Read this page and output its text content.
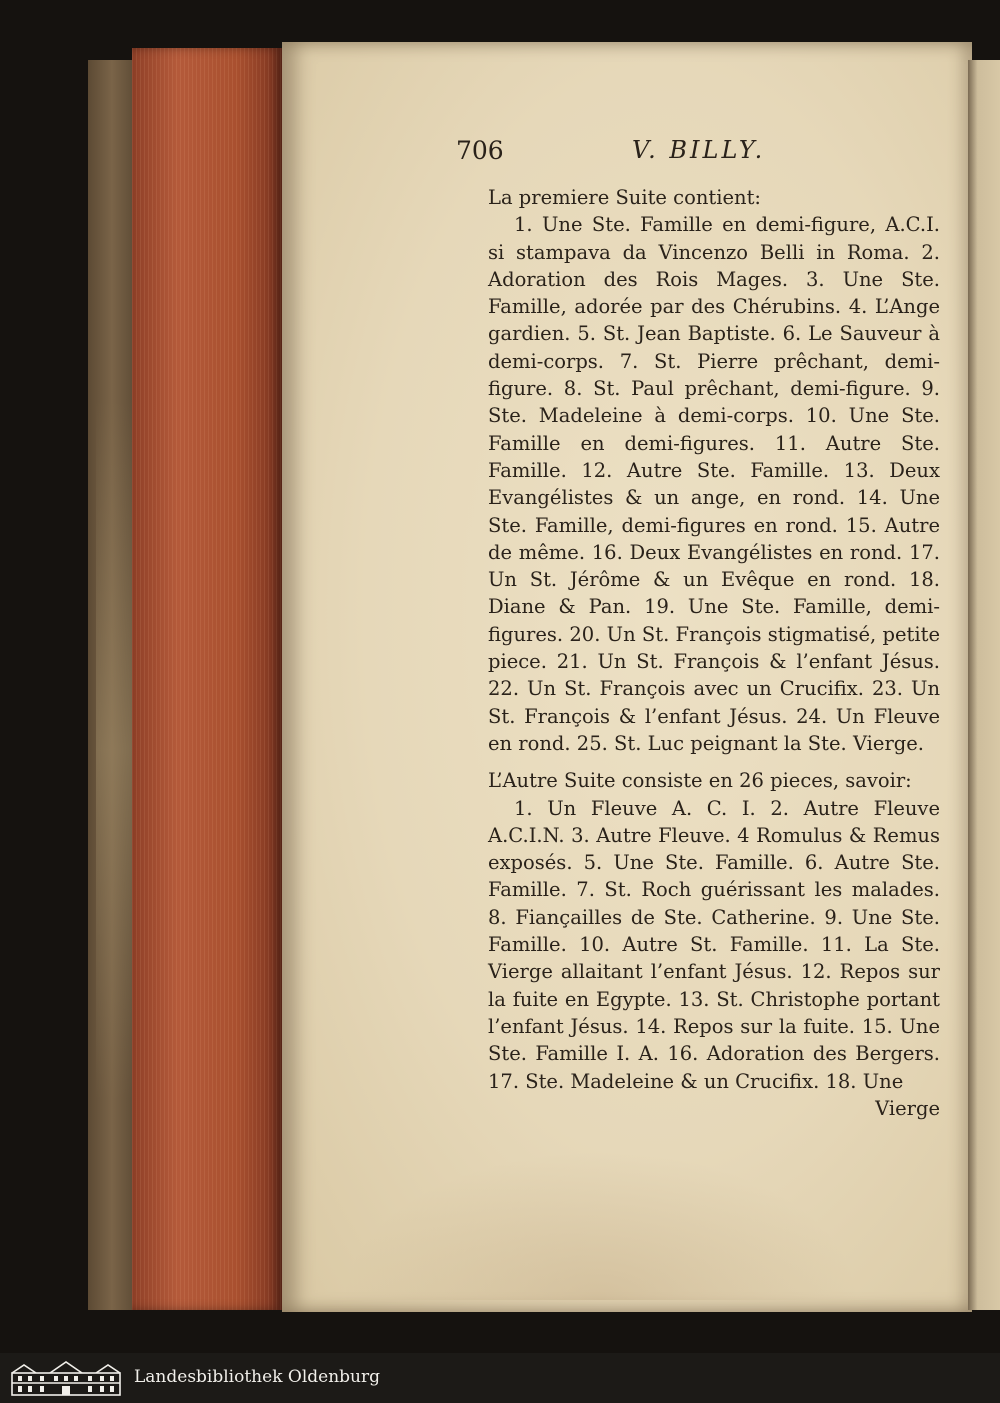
706	V. BILLY.

La premiere Suite contient:

1. Une Ste. Famille en demi-figure, A.C.I. si stampava da Vincenzo Belli in Roma. 2. Adoration des Rois Mages. 3. Une Ste. Famille, adorée par des Chérubins. 4. L’Ange gardien. 5. St. Jean Baptiste. 6. Le Sauveur à demi-corps. 7. St. Pierre prêchant, demi-figure. 8. St. Paul prêchant, demi-figure. 9. Ste. Madeleine à demi-corps. 10. Une Ste. Famille en demi-figures. 11. Autre Ste. Famille. 12. Autre Ste. Famille. 13. Deux Evangélistes & un ange, en rond. 14. Une Ste. Famille, demi-figures en rond. 15. Autre de même. 16. Deux Evangélistes en rond. 17. Un St. Jérôme & un Evêque en rond. 18. Diane & Pan. 19. Une Ste. Famille, demi-figures. 20. Un St. François stigmatisé, petite piece. 21. Un St. François & l’enfant Jésus. 22. Un St. François avec un Crucifix. 23. Un St. François & l’enfant Jésus. 24. Un Fleuve en rond. 25. St. Luc peignant la Ste. Vierge.

L’Autre Suite consiste en 26 pieces, savoir:

1. Un Fleuve A. C. I. 2. Autre Fleuve A.C.I.N. 3. Autre Fleuve. 4 Romulus & Remus exposés. 5. Une Ste. Famille. 6. Autre Ste. Famille. 7. St. Roch guérissant les malades. 8. Fiançailles de Ste. Catherine. 9. Une Ste. Famille. 10. Autre St. Famille. 11. La Ste. Vierge allaitant l’enfant Jésus. 12. Repos sur la fuite en Egypte. 13. St. Christophe portant l’enfant Jésus. 14. Repos sur la fuite. 15. Une Ste. Famille I. A. 16. Adoration des Bergers. 17. Ste. Madeleine & un Crucifix. 18. Une

Vierge

Landesbibliothek Oldenburg
